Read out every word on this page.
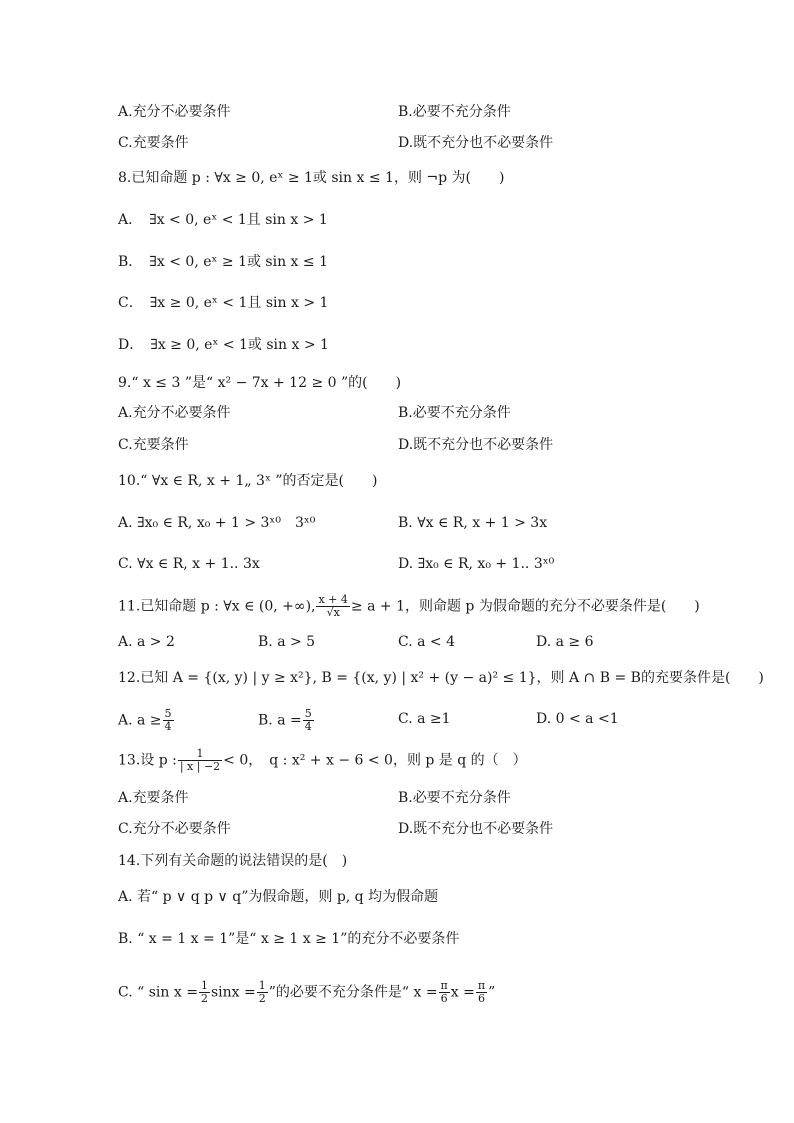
A.充分不必要条件	B.必要不充分条件
C.充要条件	D.既不充分也不必要条件
8.已知命题 p : ∀x ≥ 0, eˣ ≥ 1或 sin x ≤ 1，则 ¬p 为(　　)
A．　∃x < 0, eˣ < 1且 sin x > 1
B．　∃x < 0, eˣ ≥ 1或 sin x ≤ 1
C．　∃x ≥ 0, eˣ < 1且 sin x > 1
D．　∃x ≥ 0, eˣ < 1或 sin x > 1
9.“ x ≤ 3 ”是“ x² − 7x + 12 ≥ 0 ”的(　　)
A.充分不必要条件	B.必要不充分条件
C.充要条件	D.既不充分也不必要条件
10.“ ∀x ∈ R, x + 1„ 3ˣ ”的否定是(　　)
A. ∃x₀ ∈ R, x₀ + 1 > 3ˣ⁰　3ˣ⁰	B. ∀x ∈ R, x + 1 > 3x
C. ∀x ∈ R, x + 1.. 3x	D. ∃x₀ ∈ R, x₀ + 1.. 3ˣ⁰
11.已知命题 p : ∀x ∈ (0, +∞), $\frac{x + 4}{√x} \ge a + 1$，则命题 p 为假命题的充分不必要条件是(　　)
A. a > 2	B. a > 5	C. a < 4	D. a ≥ 6
12.已知 A = {(x, y) | y ≥ x²}, B = {(x, y) | x² + (y − a)² ≤ 1}，则 A ∩ B = B的充要条件是(　　)
A. $a \ge \frac{5}{4}$	B. $a = \frac{5}{4}$	C. a ≥1	D. 0 < a <1
13.设 p : $\frac{1}{| x | -2} < 0$，　q : x² + x − 6 < 0，则 p 是 q 的（　）
A.充要条件	B.必要不充分条件
C.充分不必要条件	D.既不充分也不必要条件
14.下列有关命题的说法错误的是(　)
A. 若“ p ∨ q p ∨ q”为假命题，则 p, q 均为假命题
B. “ x = 1 x = 1”是“ x ≥ 1 x ≥ 1”的充分不必要条件
C. “ $\sin x = \frac{1}{2}$ $\sin x = \frac{1}{2}$ ”的必要不充分条件是“ $x = \frac{\pi}{6}$ $x = \frac{\pi}{6}$ ”
